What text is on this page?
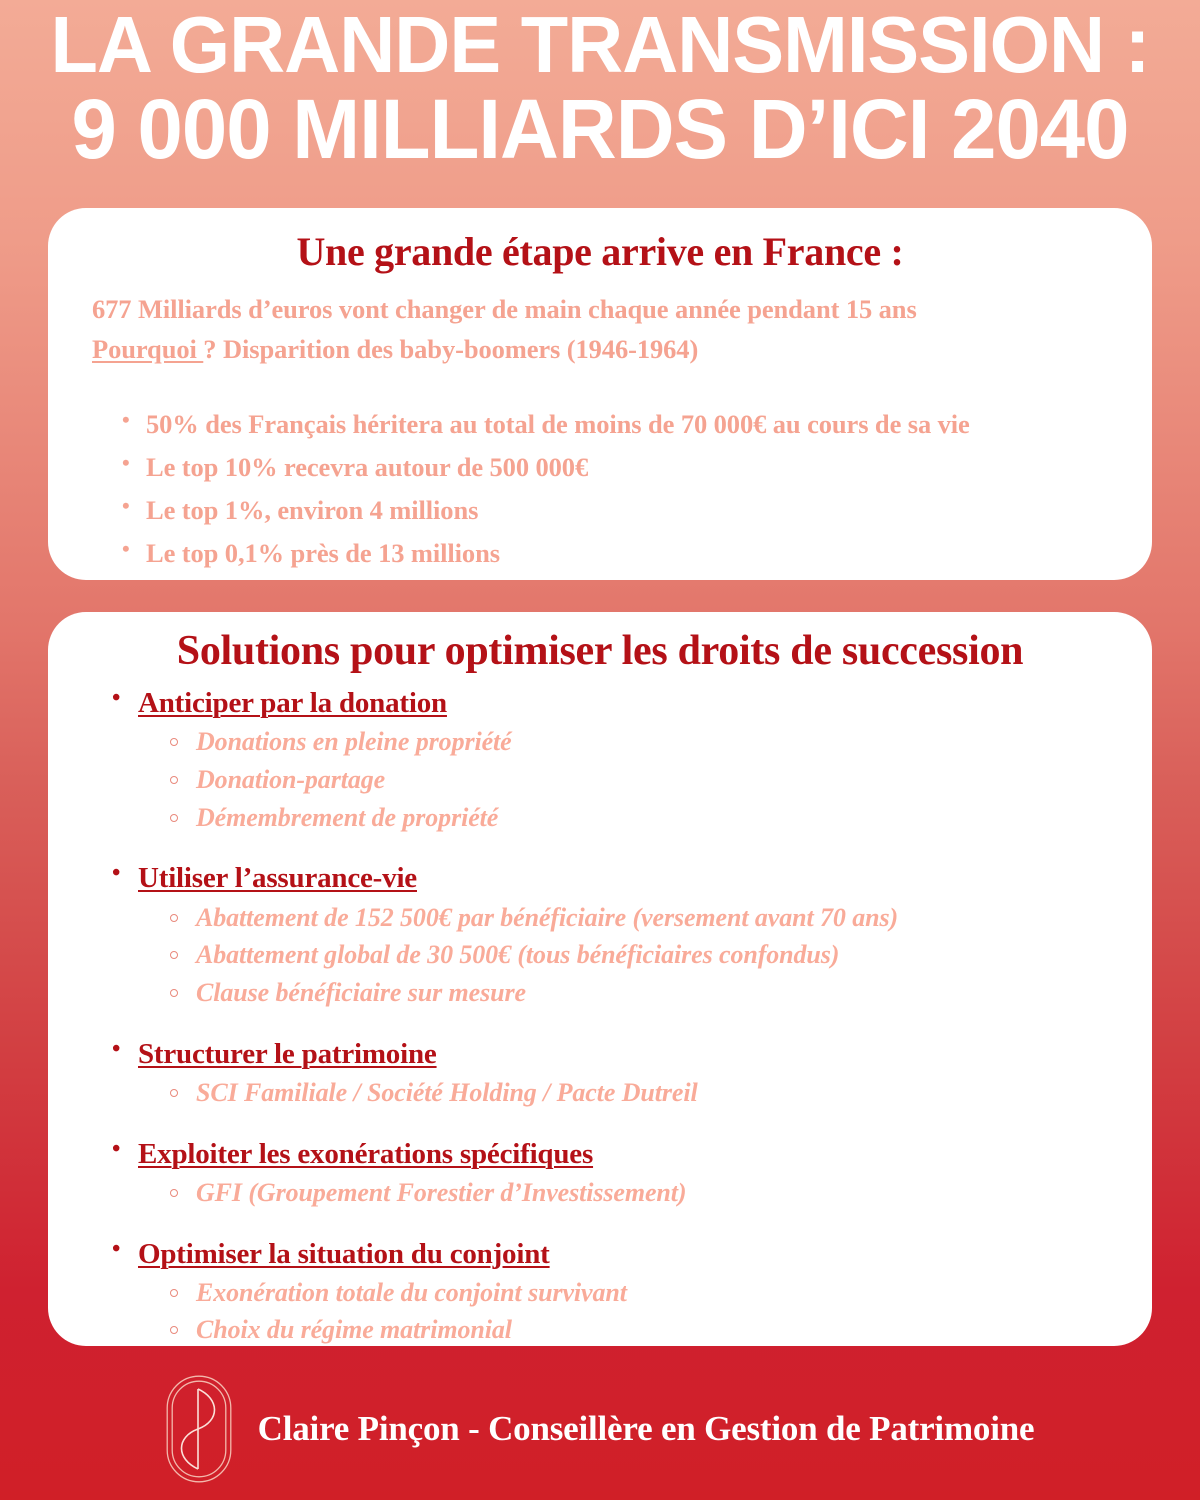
LA GRANDE TRANSMISSION :
9 000 MILLIARDS D’ICI 2040
Une grande étape arrive en France :
677 Milliards d’euros vont changer de main chaque année pendant 15 ans
Pourquoi ? Disparition des baby-boomers (1946-1964)
• 50% des Français héritera au total de moins de 70 000€ au cours de sa vie
• Le top 10% recevra autour de 500 000€
• Le top 1%, environ 4 millions
• Le top 0,1% près de 13 millions
Solutions pour optimiser les droits de succession
• Anticiper par la donation
Donations en pleine propriété
Donation-partage
Démembrement de propriété
• Utiliser l’assurance-vie
Abattement de 152 500€ par bénéficiaire (versement avant 70 ans)
Abattement global de 30 500€ (tous bénéficiaires confondus)
Clause bénéficiaire sur mesure
• Structurer le patrimoine
SCI Familiale / Société Holding / Pacte Dutreil
• Exploiter les exonérations spécifiques
GFI (Groupement Forestier d’Investissement)
• Optimiser la situation du conjoint
Exonération totale du conjoint survivant
Choix du régime matrimonial
Claire Pinçon - Conseillère en Gestion de Patrimoine
